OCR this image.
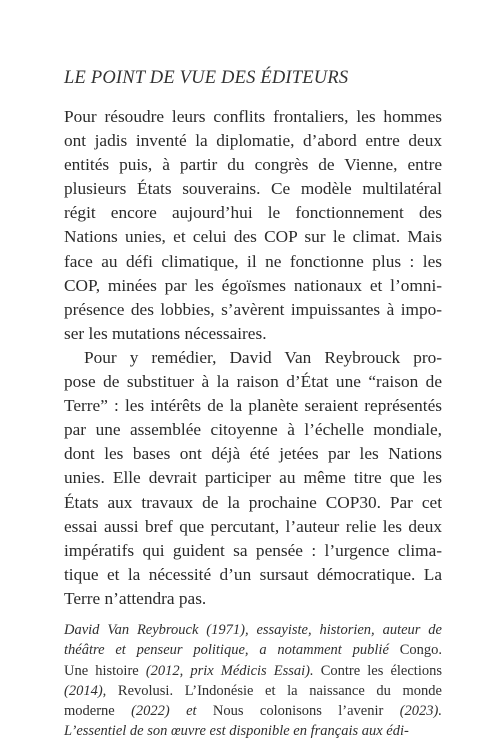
LE POINT DE VUE DES ÉDITEURS
Pour résoudre leurs conflits frontaliers, les hommes
ont jadis inventé la diplomatie, d’abord entre deux
entités puis, à partir du congrès de Vienne, entre
plusieurs États souverains. Ce modèle multilatéral
régit encore aujourd’hui le fonctionnement des
Nations unies, et celui des COP sur le climat. Mais
face au défi climatique, il ne fonctionne plus : les
COP, minées par les égoïsmes nationaux et l’omni-
présence des lobbies, s’avèrent impuissantes à impo-
ser les mutations nécessaires.
Pour y remédier, David Van Reybrouck pro-
pose de substituer à la raison d’État une “raison de
Terre” : les intérêts de la planète seraient représentés
par une assemblée citoyenne à l’échelle mondiale,
dont les bases ont déjà été jetées par les Nations
unies. Elle devrait participer au même titre que les
États aux travaux de la prochaine COP30. Par cet
essai aussi bref que percutant, l’auteur relie les deux
impératifs qui guident sa pensée : l’urgence clima-
tique et la nécessité d’un sursaut démocratique. La
Terre n’attendra pas.
David Van Reybrouck (1971), essayiste, historien, auteur de
théâtre et penseur politique, a notamment publié Congo.
Une histoire (2012, prix Médicis Essai). Contre les élections
(2014), Revolusi. L’Indonésie et la naissance du monde
moderne (2022) et Nous colonisons l’avenir (2023).
L’essentiel de son œuvre est disponible en français aux édi-
